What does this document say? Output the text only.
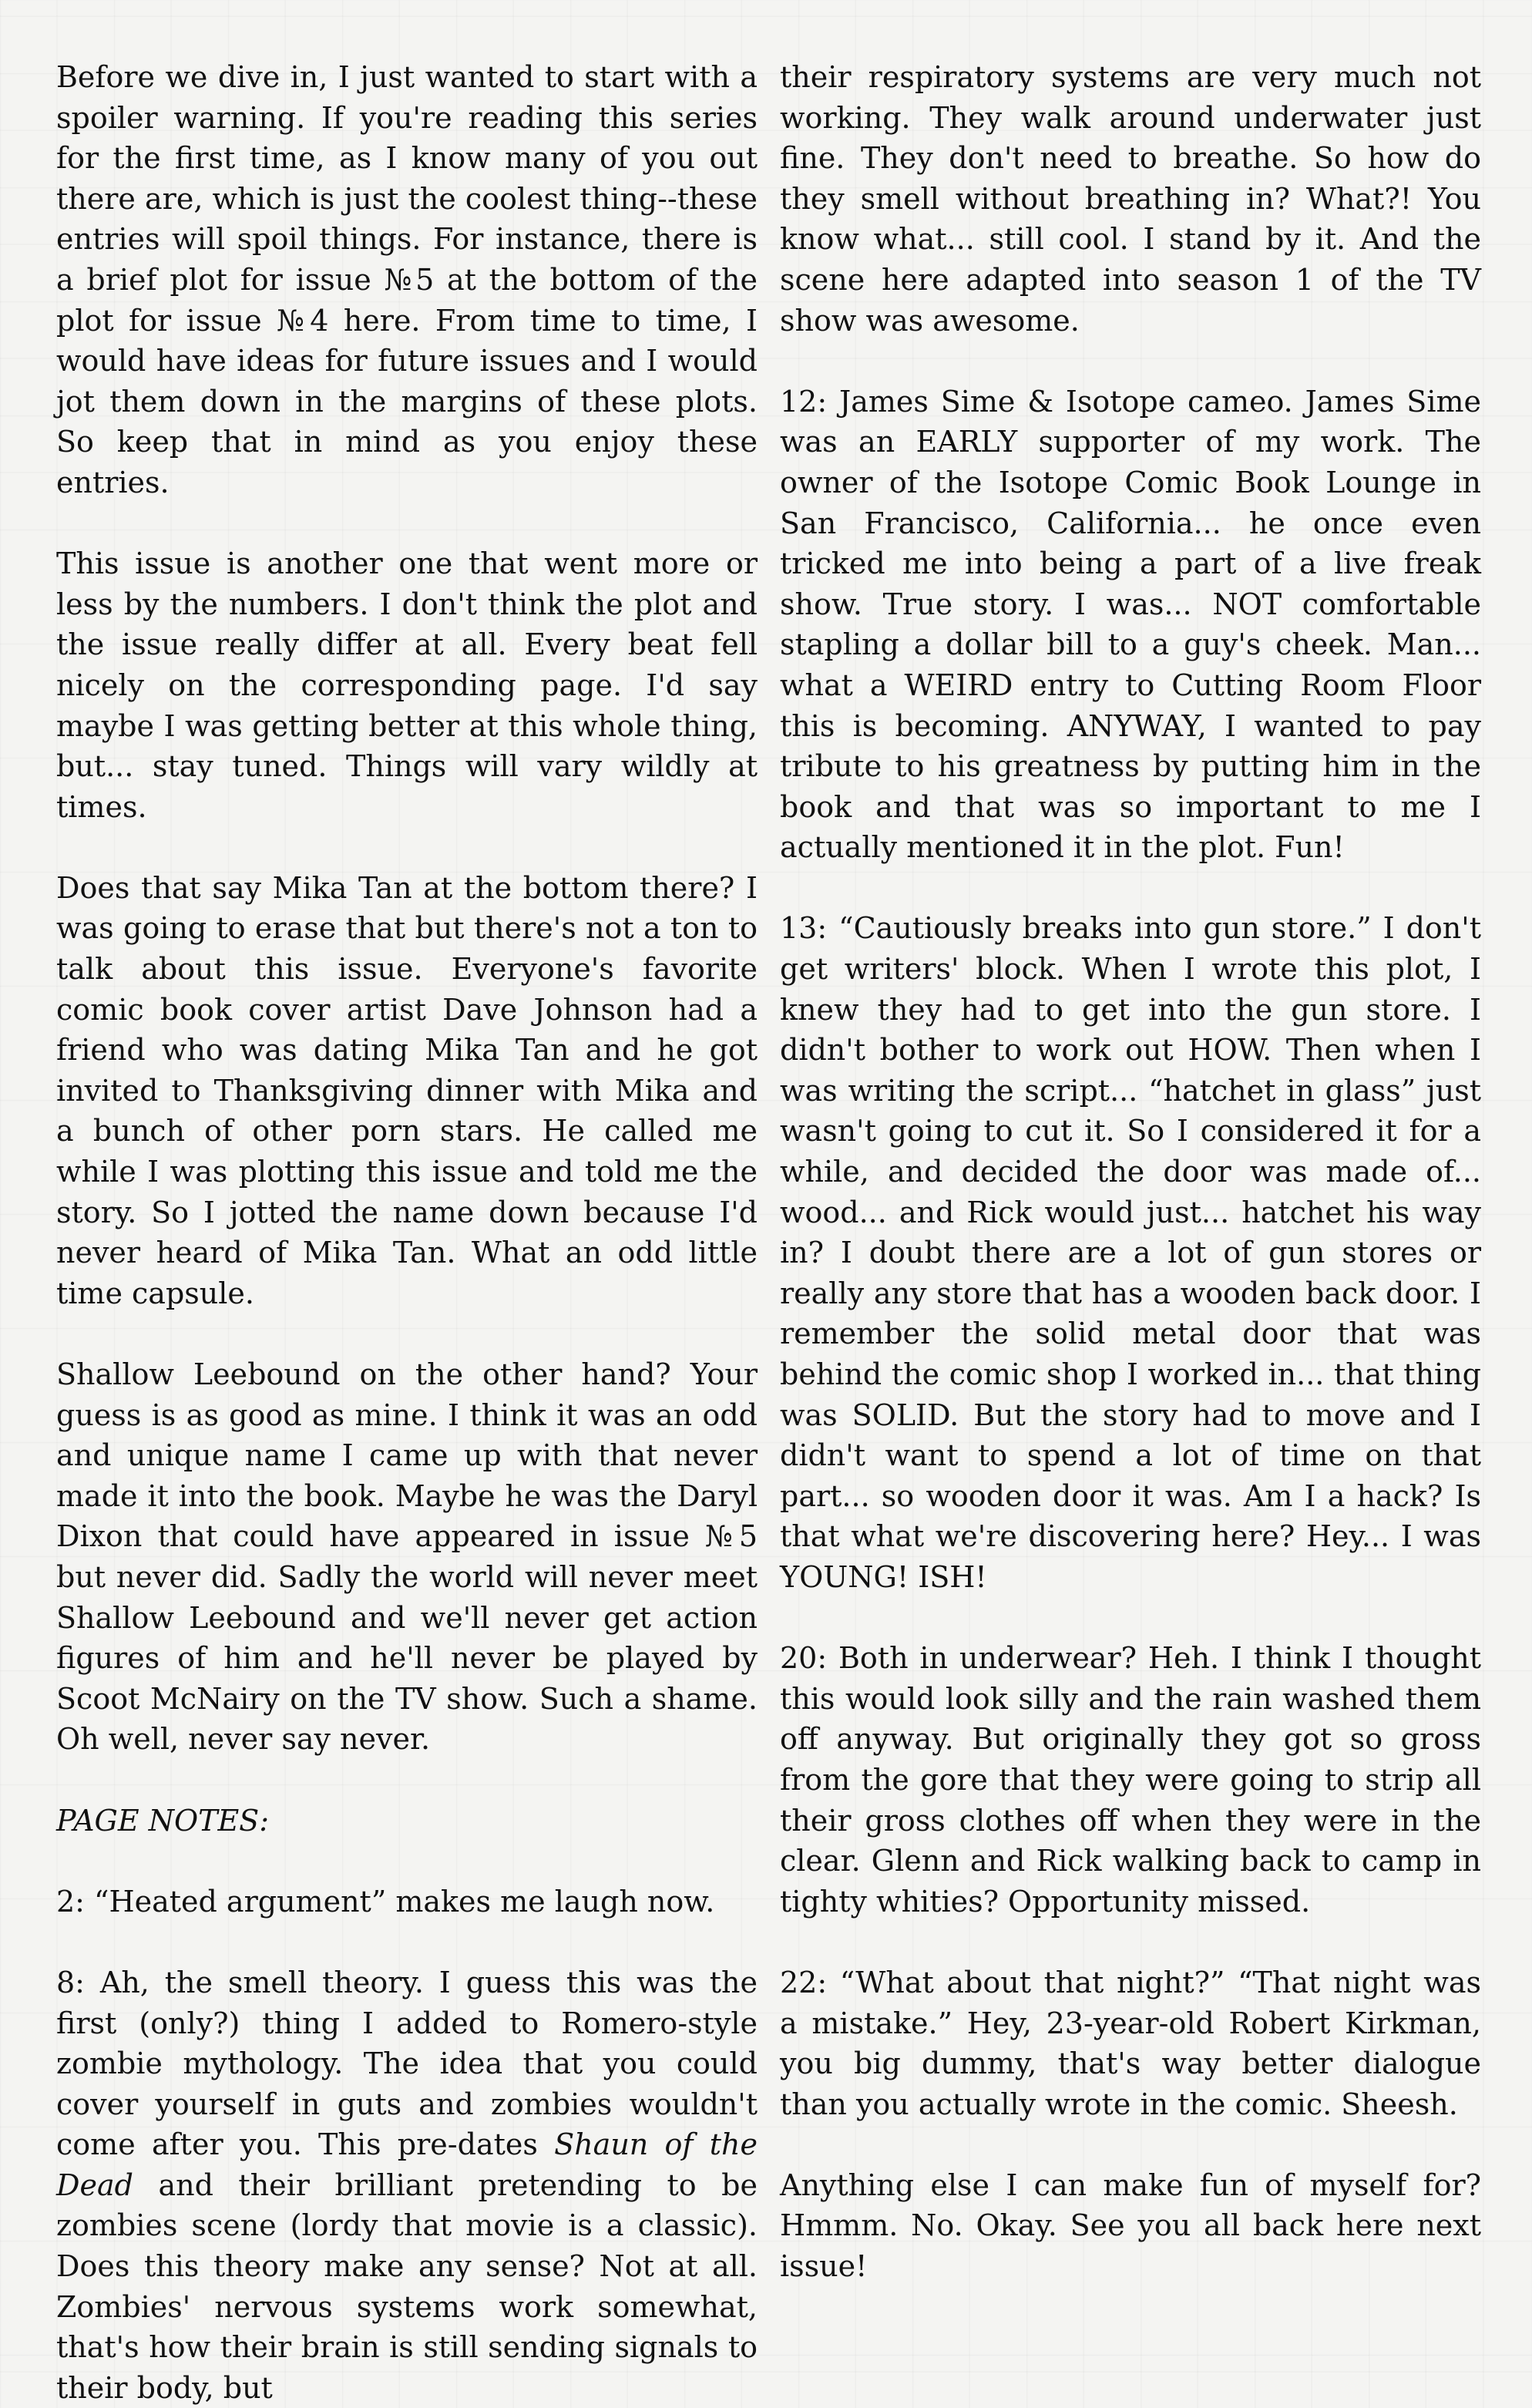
Before we dive in, I just wanted to start with a spoiler warning. If you're reading this series for the first time, as I know many of you out there are, which is just the coolest thing--these entries will spoil things. For instance, there is a brief plot for issue №5 at the bottom of the plot for issue №4 here. From time to time, I would have ideas for future issues and I would jot them down in the margins of these plots. So keep that in mind as you enjoy these entries.

This issue is another one that went more or less by the numbers. I don't think the plot and the issue really differ at all. Every beat fell nicely on the corresponding page. I'd say maybe I was getting better at this whole thing, but... stay tuned. Things will vary wildly at times.

Does that say Mika Tan at the bottom there? I was going to erase that but there's not a ton to talk about this issue. Everyone's favorite comic book cover artist Dave Johnson had a friend who was dating Mika Tan and he got invited to Thanksgiving dinner with Mika and a bunch of other porn stars. He called me while I was plotting this issue and told me the story. So I jotted the name down because I'd never heard of Mika Tan. What an odd little time capsule.

Shallow Leebound on the other hand? Your guess is as good as mine. I think it was an odd and unique name I came up with that never made it into the book. Maybe he was the Daryl Dixon that could have appeared in issue №5 but never did. Sadly the world will never meet Shallow Leebound and we'll never get action figures of him and he'll never be played by Scoot McNairy on the TV show. Such a shame. Oh well, never say never.

PAGE NOTES:

2: “Heated argument” makes me laugh now.

8: Ah, the smell theory. I guess this was the first (only?) thing I added to Romero-style zombie mythology. The idea that you could cover yourself in guts and zombies wouldn't come after you. This pre-dates Shaun of the Dead and their brilliant pretending to be zombies scene (lordy that movie is a classic). Does this theory make any sense? Not at all. Zombies' nervous systems work somewhat, that's how their brain is still sending signals to their body, but

their respiratory systems are very much not working. They walk around underwater just fine. They don't need to breathe. So how do they smell without breathing in? What?! You know what... still cool. I stand by it. And the scene here adapted into season 1 of the TV show was awesome.

12: James Sime & Isotope cameo. James Sime was an EARLY supporter of my work. The owner of the Isotope Comic Book Lounge in San Francisco, California... he once even tricked me into being a part of a live freak show. True story. I was... NOT comfortable stapling a dollar bill to a guy's cheek. Man... what a WEIRD entry to Cutting Room Floor this is becoming. ANYWAY, I wanted to pay tribute to his greatness by putting him in the book and that was so important to me I actually mentioned it in the plot. Fun!

13: “Cautiously breaks into gun store.” I don't get writers' block. When I wrote this plot, I knew they had to get into the gun store. I didn't bother to work out HOW. Then when I was writing the script... “hatchet in glass” just wasn't going to cut it. So I considered it for a while, and decided the door was made of... wood... and Rick would just... hatchet his way in? I doubt there are a lot of gun stores or really any store that has a wooden back door. I remember the solid metal door that was behind the comic shop I worked in... that thing was SOLID. But the story had to move and I didn't want to spend a lot of time on that part... so wooden door it was. Am I a hack? Is that what we're discovering here? Hey... I was YOUNG! ISH!

20: Both in underwear? Heh. I think I thought this would look silly and the rain washed them off anyway. But originally they got so gross from the gore that they were going to strip all their gross clothes off when they were in the clear. Glenn and Rick walking back to camp in tighty whities? Opportunity missed.

22: “What about that night?” “That night was a mistake.” Hey, 23-year-old Robert Kirkman, you big dummy, that's way better dialogue than you actually wrote in the comic. Sheesh.

Anything else I can make fun of myself for? Hmmm. No. Okay. See you all back here next issue!
